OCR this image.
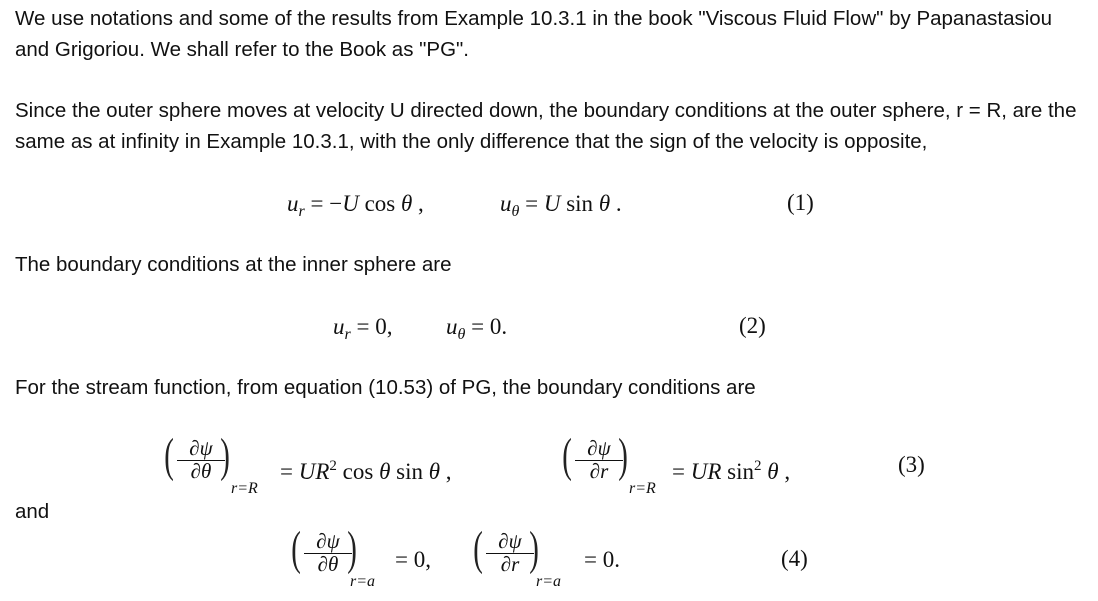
We use notations and some of the results from Example 10.3.1 in the book "Viscous Fluid Flow" by Papanastasiou and Grigoriou. We shall refer to the Book as "PG".
Since the outer sphere moves at velocity U directed down, the boundary conditions at the outer sphere, r = R, are the same as at infinity in Example 10.3.1, with the only difference that the sign of the velocity is opposite,
$u_r = -U$ cos θ ,	$u_\theta = U$ sin θ .	(1)
The boundary conditions at the inner sphere are
$u_r = 0$, $u_\theta = 0$.	(2)
For the stream function, from equation (10.53) of PG, the boundary conditions are
( ∂ψ
∂θ )
r=R
= $UR^2$ cos θ sin θ , ( ∂ψ
∂r )
r=R
= UR $\sin^2 \theta$ ,	(3)
and
( ∂ψ
∂θ )
r=a
= 0, ( ∂ψ
∂r )
r=a
= 0.	(4)
